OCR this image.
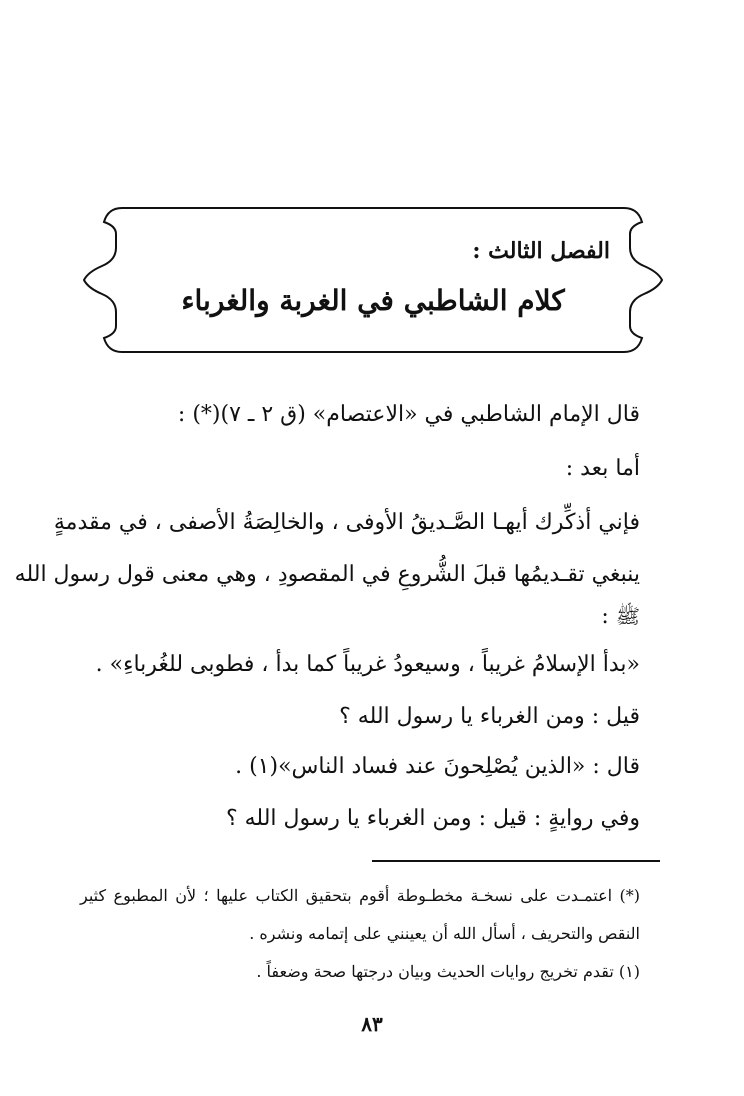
الفصل الثالث :
كلام الشاطبي في الغربة والغرباء
قال الإمام الشاطبي في «الاعتصام» (ق ٢ ـ ٧)(*) :
أما بعد :
فإني أذكِّرك أيهـا الصَّـديقُ الأوفى ، والخالِصَةُ الأصفى ، في مقدمةٍ
ينبغي تقـديمُها قبلَ الشُّروعِ في المقصودِ ، وهي معنى قول رسول الله
ﷺ :
«بدأ الإسلامُ غريباً ، وسيعودُ غريباً كما بدأ ، فطوبى للغُرباءِ» .
قيل : ومن الغرباء يا رسول الله ؟
قال : «الذين يُصْلِحونَ عند فساد الناس»(١) .
وفي روايةٍ : قيل : ومن الغرباء يا رسول الله ؟
(*) اعتمـدت على نسخـة مخطـوطة أقوم بتحقيق الكتاب عليها ؛ لأن المطبوع كثير
النقص والتحريف ، أسأل الله أن يعينني على إتمامه ونشره .
(١) تقدم تخريج روايات الحديث وبيان درجتها صحة وضعفاً .
٨٣
